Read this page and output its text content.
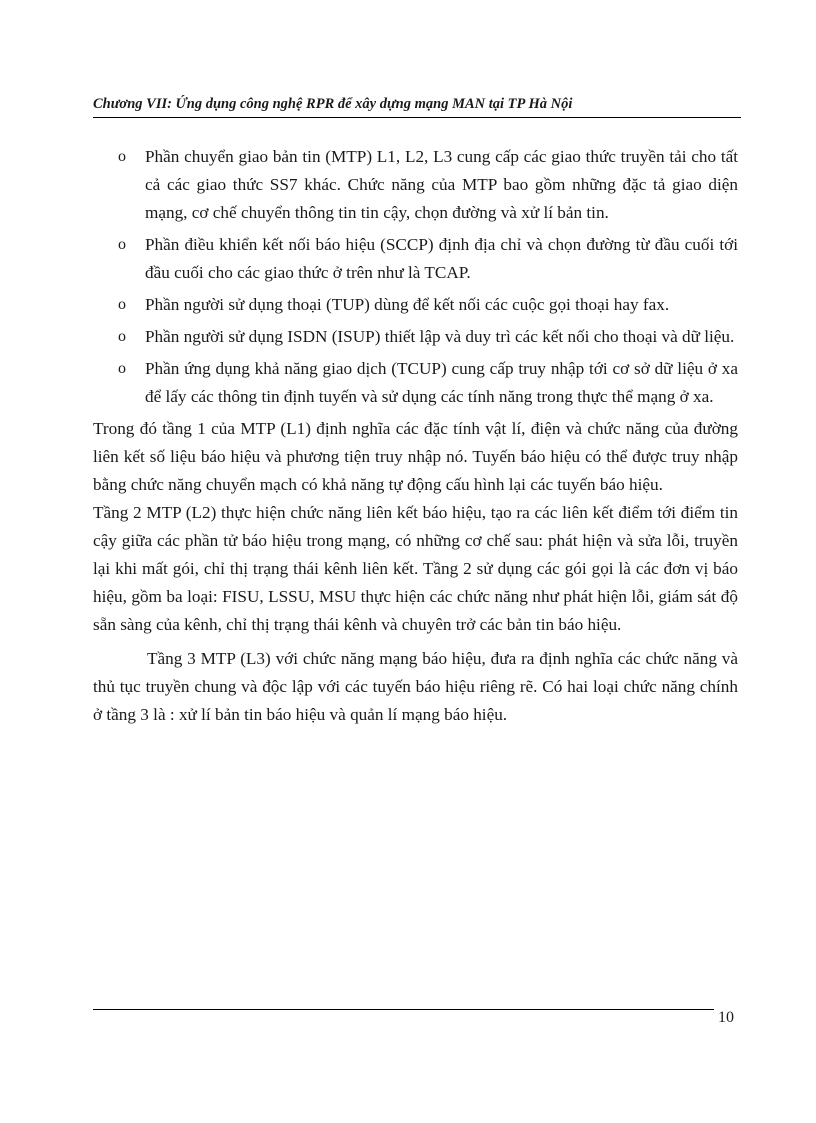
Chương VII: Ứng dụng công nghệ RPR để xây dựng mạng MAN tại TP Hà Nội
o Phần chuyển giao bản tin (MTP) L1, L2, L3 cung cấp các giao thức truyền tải cho tất cả các giao thức SS7 khác. Chức năng của MTP bao gồm những đặc tả giao diện mạng, cơ chế chuyển thông tin tin cậy, chọn đường và xử lí bản tin.
o Phần điều khiển kết nối báo hiệu (SCCP) định địa chỉ và chọn đường từ đầu cuối tới đầu cuối cho các giao thức ở trên như là TCAP.
o Phần người sử dụng thoại (TUP) dùng để kết nối các cuộc gọi thoại hay fax.
o Phần người sử dụng ISDN (ISUP) thiết lập và duy trì các kết nối cho thoại và dữ liệu.
o Phần ứng dụng khả năng giao dịch (TCUP) cung cấp truy nhập tới cơ sở dữ liệu ở xa để lấy các thông tin định tuyến và sử dụng các tính năng trong thực thể mạng ở xa.

Trong đó tầng 1 của MTP (L1) định nghĩa các đặc tính vật lí, điện và chức năng của đường liên kết số liệu báo hiệu và phương tiện truy nhập nó. Tuyến báo hiệu có thể được truy nhập bằng chức năng chuyển mạch có khả năng tự động cấu hình lại các tuyến báo hiệu.

Tầng 2 MTP (L2) thực hiện chức năng liên kết báo hiệu, tạo ra các liên kết điểm tới điểm tin cậy giữa các phần tử báo hiệu trong mạng, có những cơ chế sau: phát hiện và sửa lỗi, truyền lại khi mất gói, chỉ thị trạng thái kênh liên kết. Tầng 2 sử dụng các gói gọi là các đơn vị báo hiệu, gồm ba loại: FISU, LSSU, MSU thực hiện các chức năng như phát hiện lỗi, giám sát độ sẵn sàng của kênh, chỉ thị trạng thái kênh và chuyên trở các bản tin báo hiệu.

Tầng 3 MTP (L3) với chức năng mạng báo hiệu, đưa ra định nghĩa các chức năng và thủ tục truyền chung và độc lập với các tuyến báo hiệu riêng rẽ. Có hai loại chức năng chính ở tầng 3 là : xử lí bản tin báo hiệu và quản lí mạng báo hiệu.

10
